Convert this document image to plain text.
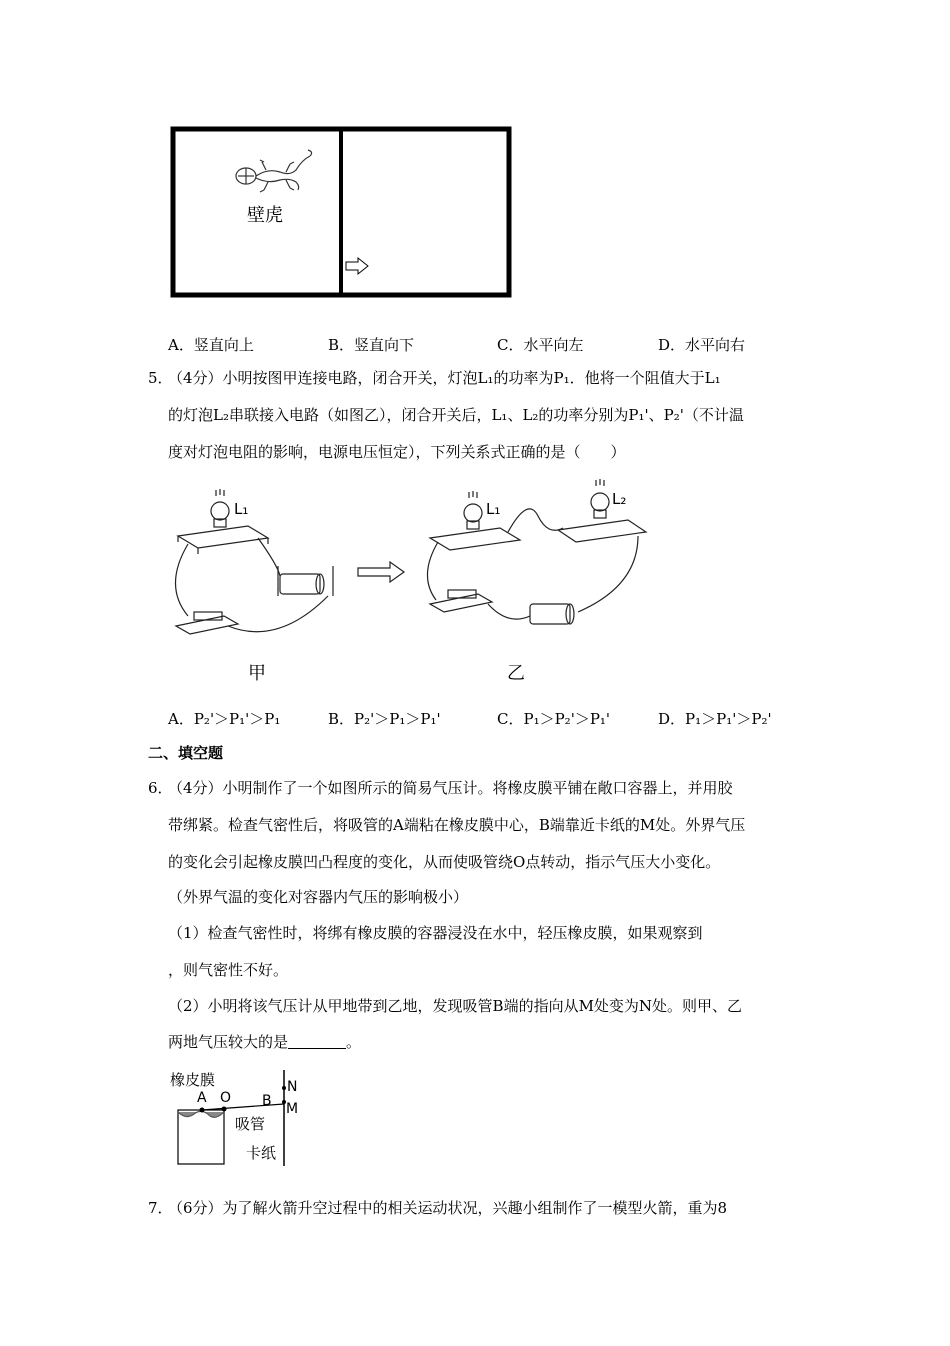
壁虎
A．竖直向上	B．竖直向下	C．水平向左	D．水平向右
5．
（4分）小明按图甲连接电路，闭合开关，灯泡L₁的功率为P₁．他将一个阻值大于L₁
的灯泡L₂串联接入电路（如图乙），闭合开关后，L₁、L₂的功率分别为P₁'、P₂'（不计温
度对灯泡电阻的影响，电源电压恒定），下列关系式正确的是（　　）
L₁	L₁
L₂
甲	乙
A．P₂'＞P₁'＞P₁	B．P₂'＞P₁＞P₁'	C．P₁＞P₂'＞P₁'	D．P₁＞P₁'＞P₂'
二、填空题
6．
（4分）小明制作了一个如图所示的简易气压计。将橡皮膜平铺在敞口容器上，并用胶
带绑紧。检查气密性后，将吸管的A端粘在橡皮膜中心，B端靠近卡纸的M处。外界气压
的变化会引起橡皮膜凹凸程度的变化，从而使吸管绕O点转动，指示气压大小变化。
（外界气温的变化对容器内气压的影响极小）
（1）检查气密性时，将绑有橡皮膜的容器浸没在水中，轻压橡皮膜，如果观察到
，则气密性不好。
（2）小明将该气压计从甲地带到乙地，发现吸管B端的指向从M处变为N处。则甲、乙
两地气压较大的是	。
橡皮膜
A O B
N
M
吸管
卡纸
7．
（6分）为了解火箭升空过程中的相关运动状况，兴趣小组制作了一模型火箭，重为8
